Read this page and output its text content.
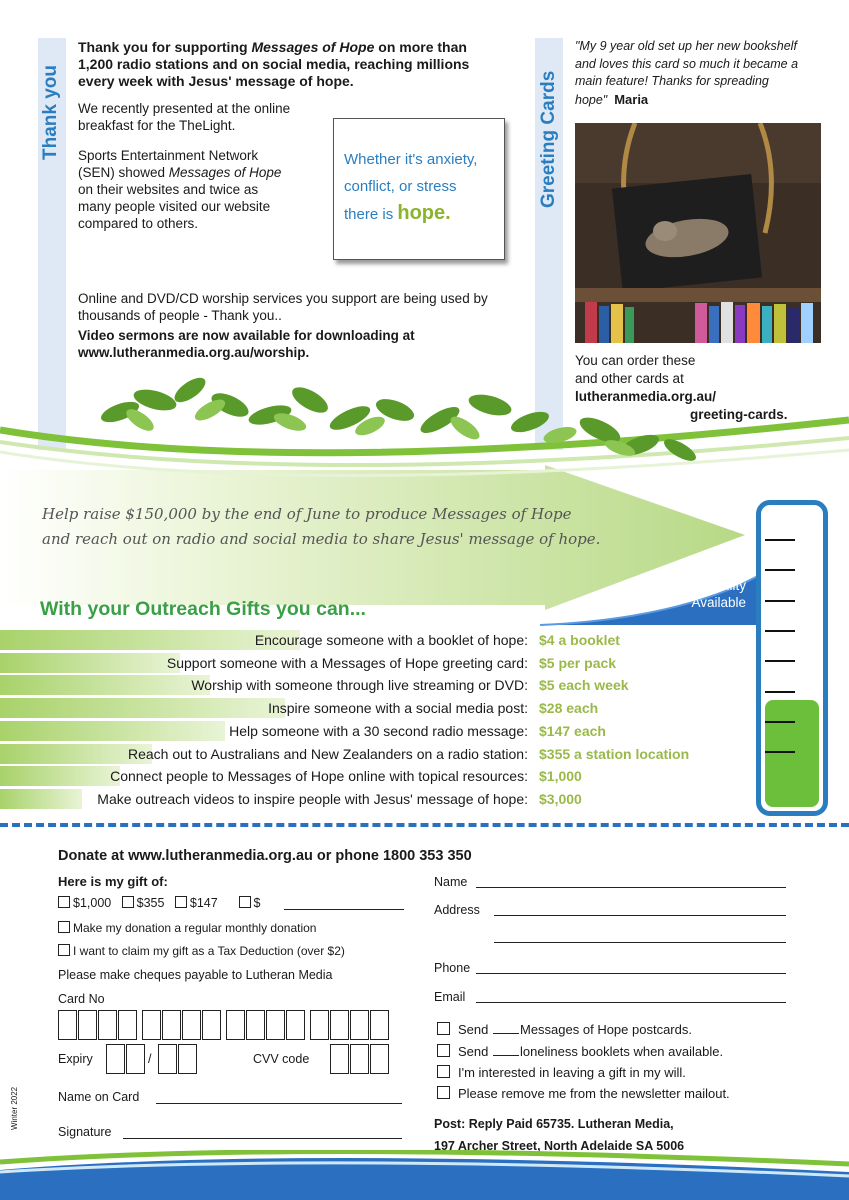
Thank you
Thank you for supporting Messages of Hope on more than 1,200 radio stations and on social media, reaching millions every week with Jesus' message of hope.
We recently presented at the online breakfast for the TheLight.
Sports Entertainment Network (SEN) showed Messages of Hope on their websites and twice as many people visited our website compared to others.
Whether it's anxiety,
conflict, or stress
there is hope.
Online and DVD/CD worship services you support are being used by thousands of people - Thank you..
Video sermons are now available for downloading at www.lutheranmedia.org.au/worship.
Greeting Cards
"My 9 year old set up her new bookshelf and loves this card so much it became a main feature! Thanks for spreading hope" Maria
You can order these
and other cards at
lutheranmedia.org.au/
greeting-cards.
Help raise $150,000 by the end of June to produce Messages of Hope
and reach out on radio and social media to share Jesus' message of hope.
Tax
Deductibility
Available
With your Outreach Gifts you can...
Encourage someone with a booklet of hope: $4 a booklet
Support someone with a Messages of Hope greeting card: $5 per pack
Worship with someone through live streaming or DVD: $5 each week
Inspire someone with a social media post: $28 each
Help someone with a 30 second radio message: $147 each
Reach out to Australians and New Zealanders on a radio station: $355 a station location
Connect people to Messages of Hope online with topical resources: $1,000
Make outreach videos to inspire people with Jesus' message of hope: $3,000
Donate at www.lutheranmedia.org.au or phone 1800 353 350
Here is my gift of:
$1,000 $355 $147	$
Make my donation a regular monthly donation
I want to claim my gift as a Tax Deduction (over $2)
Please make cheques payable to Lutheran Media
Card No
Expiry	/	CVV code
Name on Card
Signature
Winter 2022
Name
Address
Phone
Email
Send Messages of Hope postcards.
Send loneliness booklets when available.
I'm interested in leaving a gift in my will.
Please remove me from the newsletter mailout.
Post: Reply Paid 65735. Lutheran Media,
197 Archer Street, North Adelaide SA 5006
